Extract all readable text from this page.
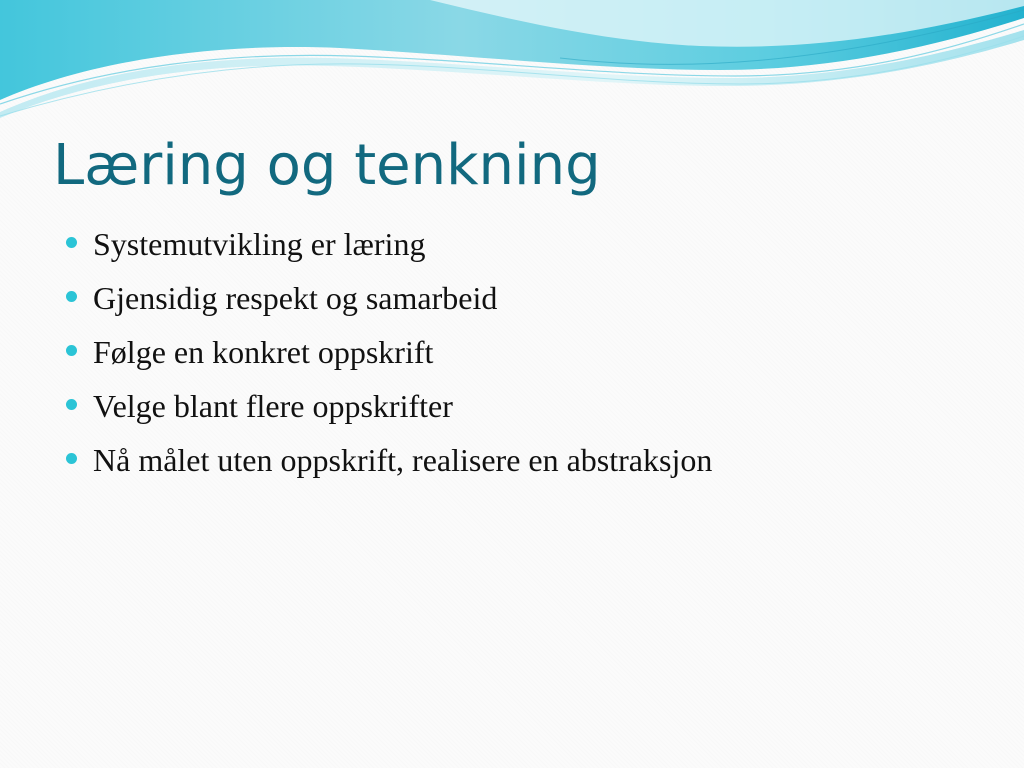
Læring og tenkning
Systemutvikling er læring
Gjensidig respekt og samarbeid
Følge en konkret oppskrift
Velge blant flere oppskrifter
Nå målet uten oppskrift, realisere en abstraksjon
